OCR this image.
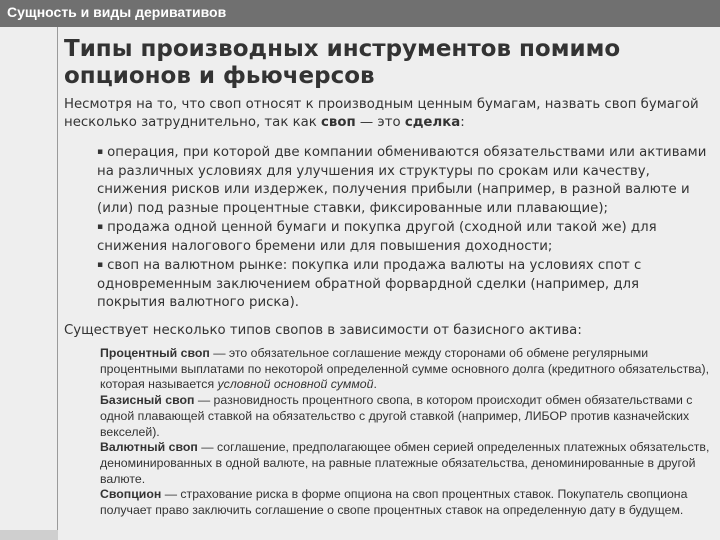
Сущность и виды деривативов
Типы производных инструментов помимо опционов и фьючерсов
Несмотря на то, что своп относят к производным ценным бумагам, назвать своп бумагой несколько затруднительно, так как своп — это сделка:

▪ операция, при которой две компании обмениваются обязательствами или активами на различных условиях для улучшения их структуры по срокам или качеству, снижения рисков или издержек, получения прибыли (например, в разной валюте и (или) под разные процентные ставки, фиксированные или плавающие);

▪ продажа одной ценной бумаги и покупка другой (сходной или такой же) для снижения налогового бремени или для повышения доходности;

▪ своп на валютном рынке: покупка или продажа валюты на условиях спот с одновременным заключением обратной форвардной сделки (например, для покрытия валютного риска).

Существует несколько типов свопов в зависимости от базисного актива:

Процентный своп — это обязательное соглашение между сторонами об обмене регулярными процентными выплатами по некоторой определенной сумме основного долга (кредитного обязательства), которая называется условной основной суммой.

Базисный своп — разновидность процентного свопа, в котором происходит обмен обязательствами с одной плавающей ставкой на обязательство с другой ставкой (например, ЛИБОР против казначейских векселей).

Валютный своп — соглашение, предполагающее обмен серией определенных платежных обязательств, деноминированных в одной валюте, на равные платежные обязательства, деноминированные в другой валюте.

Свопцион — страхование риска в форме опциона на своп процентных ставок. Покупатель свопциона получает право заключить соглашение о свопе процентных ставок на определенную дату в будущем.
